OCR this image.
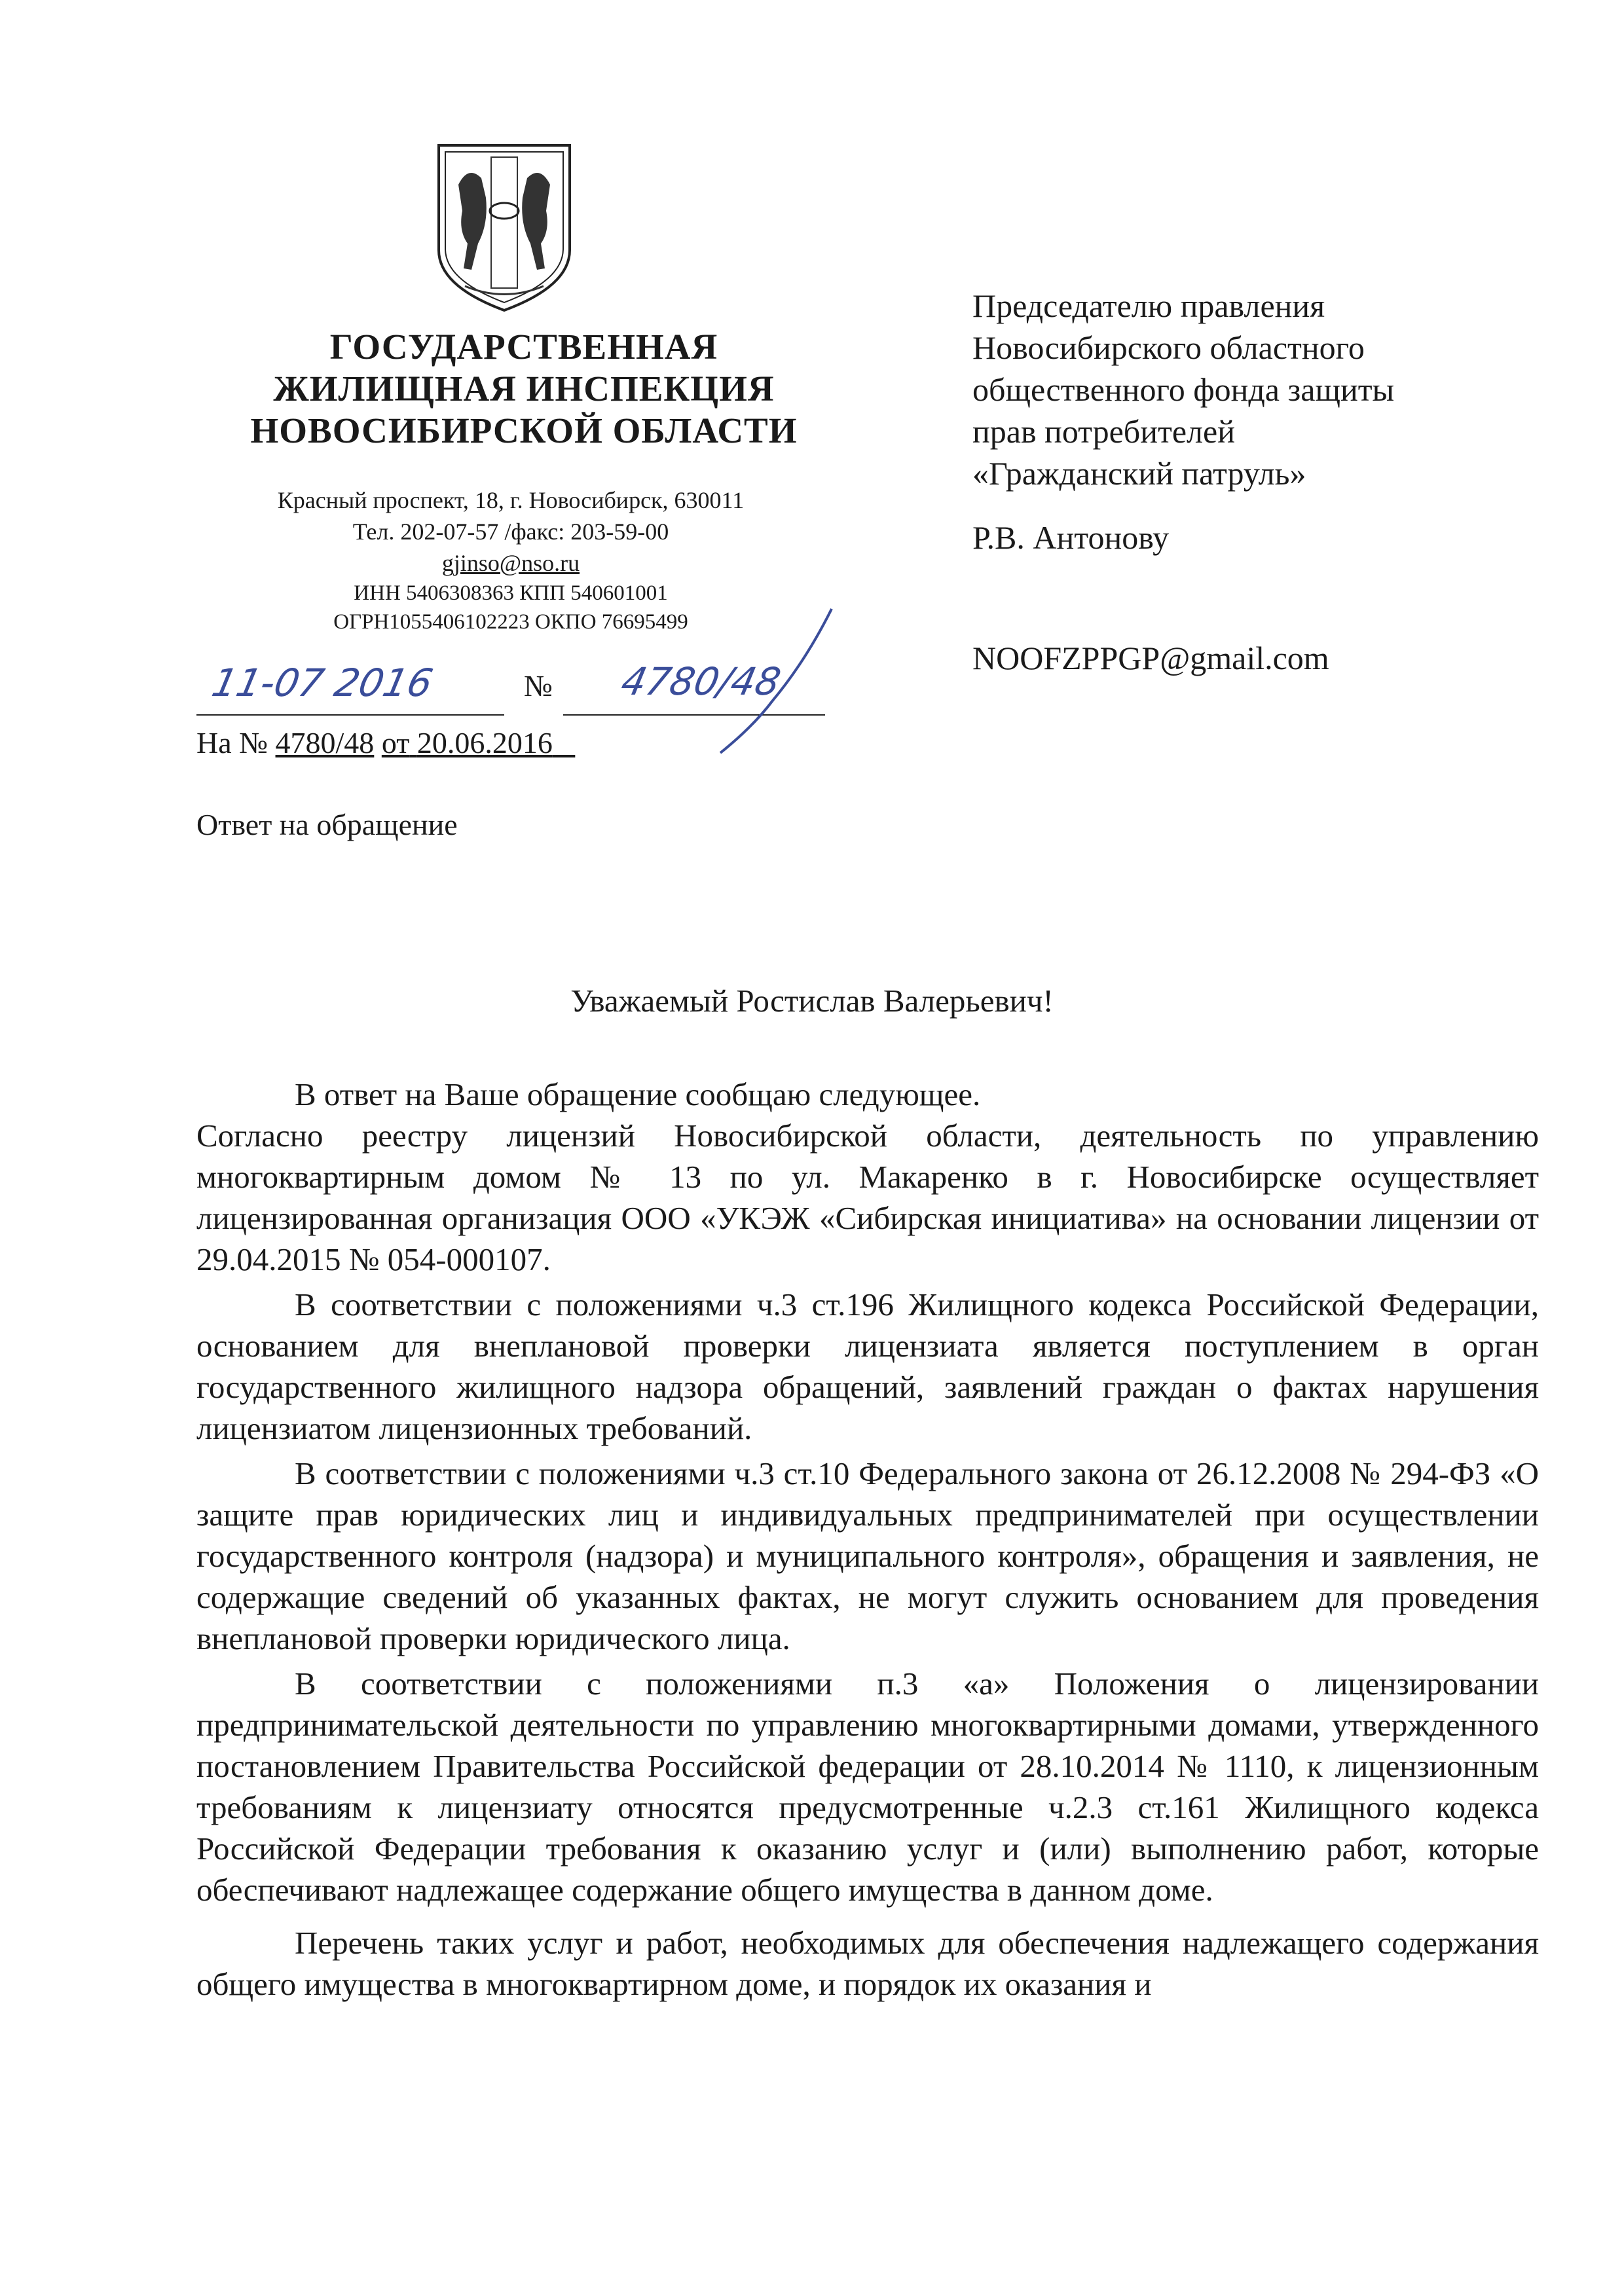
ГОСУДАРСТВЕННАЯ
ЖИЛИЩНАЯ ИНСПЕКЦИЯ
НОВОСИБИРСКОЙ ОБЛАСТИ
Красный проспект, 18, г. Новосибирск, 630011
Тел. 202-07-57 /факс: 203-59-00
gjinso@nso.ru
ИНН 5406308363 КПП 540601001
ОГРН1055406102223 ОКПО 76695499
11-07 2016	№ 4780/48
На № 4780/48 от 20.06.2016
Ответ на обращение
Председателю правления
Новосибирского областного
общественного фонда защиты
прав потребителей
«Гражданский патруль»
Р.В. Антонову
NOOFZPPGP@gmail.com
Уважаемый Ростислав Валерьевич!

В ответ на Ваше обращение сообщаю следующее.

Согласно реестру лицензий Новосибирской области, деятельность по управлению многоквартирным домом № 13 по ул. Макаренко в г. Новосибирске осуществляет лицензированная организация ООО «УКЭЖ «Сибирская инициатива» на основании лицензии от 29.04.2015 № 054-000107.

В соответствии с положениями ч.3 ст.196 Жилищного кодекса Российской Федерации, основанием для внеплановой проверки лицензиата является поступлением в орган государственного жилищного надзора обращений, заявлений граждан о фактах нарушения лицензиатом лицензионных требований.

В соответствии с положениями ч.3 ст.10 Федерального закона от 26.12.2008 № 294-ФЗ «О защите прав юридических лиц и индивидуальных предпринимателей при осуществлении государственного контроля (надзора) и муниципального контроля», обращения и заявления, не содержащие сведений об указанных фактах, не могут служить основанием для проведения внеплановой проверки юридического лица.

В соответствии с положениями п.3 «а» Положения о лицензировании предпринимательской деятельности по управлению многоквартирными домами, утвержденного постановлением Правительства Российской федерации от 28.10.2014 № 1110, к лицензионным требованиям к лицензиату относятся предусмотренные ч.2.3 ст.161 Жилищного кодекса Российской Федерации требования к оказанию услуг и (или) выполнению работ, которые обеспечивают надлежащее содержание общего имущества в данном доме.

Перечень таких услуг и работ, необходимых для обеспечения надлежащего содержания общего имущества в многоквартирном доме, и порядок их оказания и
